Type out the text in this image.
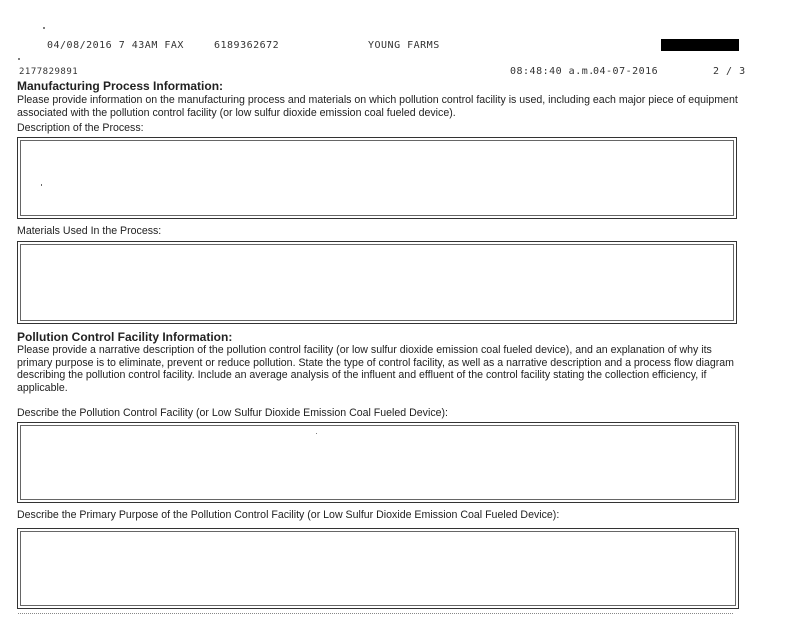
04/08/2016 7 43AM FAX	6189362672	YOUNG FARMS
2177829891	08:48:40 a.m.
04-07-2016	2 / 3
Manufacturing Process Information:
Please provide information on the manufacturing process and materials on which pollution control facility is used, including each major piece of equipment associated with the pollution control facility (or low sulfur dioxide emission coal fueled device).
Description of the Process:
Materials Used In the Process:
Pollution Control Facility Information:
Please provide a narrative description of the pollution control facility (or low sulfur dioxide emission coal fueled device), and an explanation of why its primary purpose is to eliminate, prevent or reduce pollution. State the type of control facility, as well as a narrative description and a process flow diagram describing the pollution control facility. Include an average analysis of the influent and effluent of the control facility stating the collection efficiency, if applicable.
Describe the Pollution Control Facility (or Low Sulfur Dioxide Emission Coal Fueled Device):
Describe the Primary Purpose of the Pollution Control Facility (or Low Sulfur Dioxide Emission Coal Fueled Device):
